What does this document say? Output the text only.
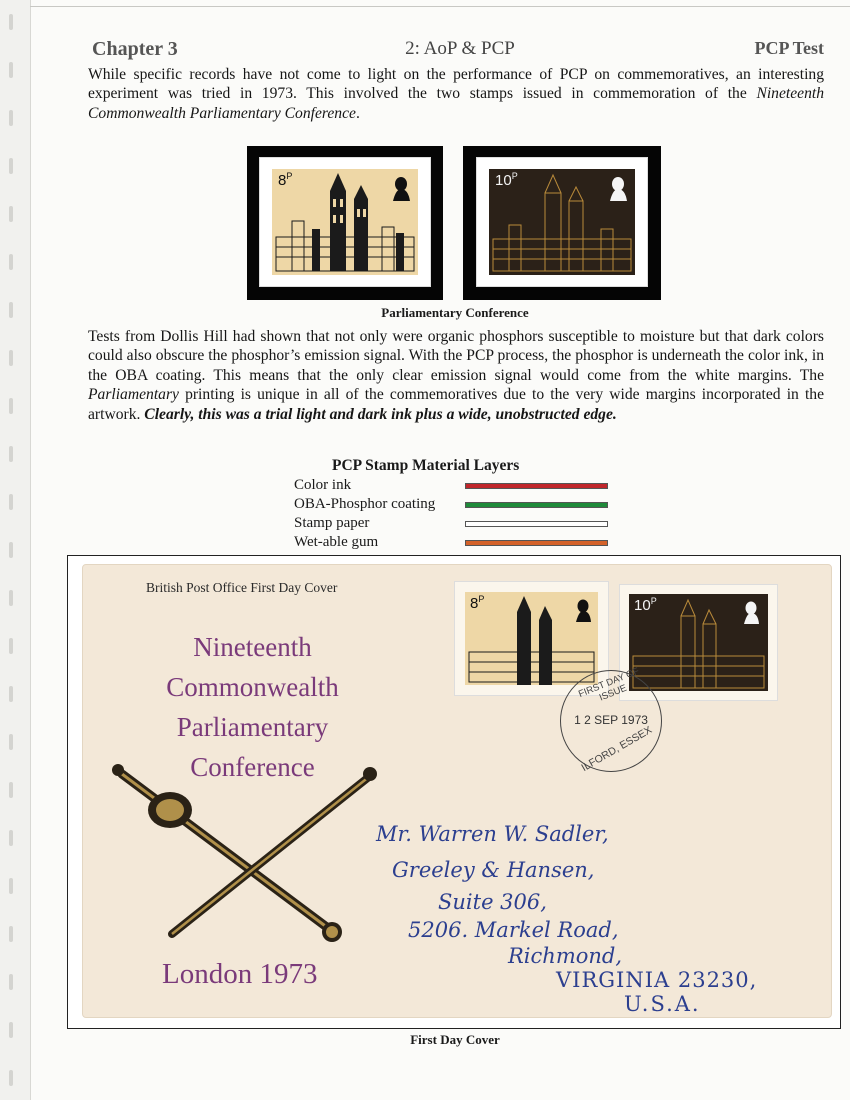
Chapter 3	2: AoP & PCP	PCP Test
While specific records have not come to light on the performance of PCP on commemoratives, an interesting experiment was tried in 1973. This involved the two stamps issued in commemoration of the Nineteenth Commonwealth Parliamentary Conference.
$8^P$	$10^P$
Parliamentary Conference
Tests from Dollis Hill had shown that not only were organic phosphors susceptible to moisture but that dark colors could also obscure the phosphor’s emission signal. With the PCP process, the phosphor is underneath the color ink, in the OBA coating. This means that the only clear emission signal would come from the white margins. The Parliamentary printing is unique in all of the commemoratives due to the very wide margins incorporated in the artwork. Clearly, this was a trial light and dark ink plus a wide, unobstructed edge.
PCP Stamp Material Layers
Color ink
OBA-Phosphor coating
Stamp paper
Wet-able gum
British Post Office First Day Cover
Nineteenth
Commonwealth
Parliamentary
Conference
London 1973
$8^P$	$10^P$
FIRST DAY OF ISSUE
1 2 SEP 1973
ILFORD, ESSEX
Mr. Warren W. Sadler,
Greeley & Hansen,
Suite 306,
5206. Markel Road,
Richmond,
VIRGINIA 23230,
U.S.A.
First Day Cover
